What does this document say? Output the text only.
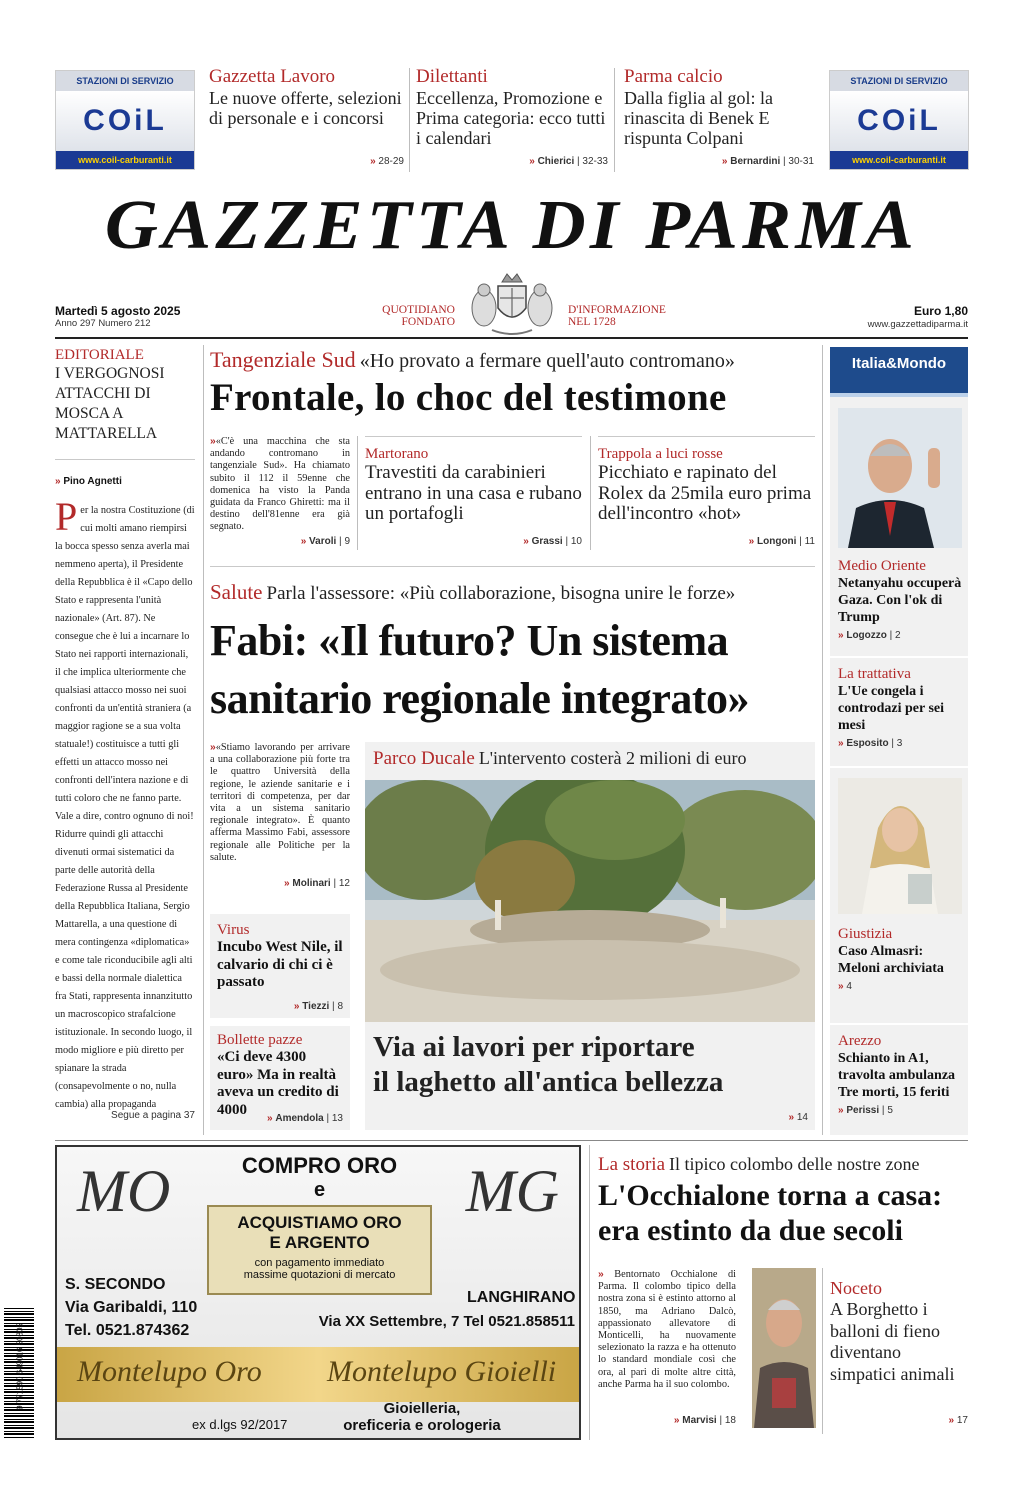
STAZIONI DI SERVIZIO
COiL
www.coil-carburanti.it
STAZIONI DI SERVIZIO
COiL
www.coil-carburanti.it
Gazzetta Lavoro
Le nuove offerte, selezioni di personale e i concorsi
» 28-29
Dilettanti
Eccellenza, Promozione e Prima categoria: ecco tutti i calendari
» Chierici | 32-33
Parma calcio
Dalla figlia al gol: la rinascita di Benek E rispunta Colpani
» Bernardini | 30-31
GAZZETTA DI PARMA
Martedì 5 agosto 2025
Anno 297 Numero 212
QUOTIDIANO
FONDATO
D'INFORMAZIONE
NEL 1728
Euro 1,80
www.gazzettadiparma.it
EDITORIALE
I VERGOGNOSI ATTACCHI DI MOSCA A MATTARELLA
» Pino Agnetti
P er la nostra Costituzione (di cui molti amano riempirsi la bocca spesso senza averla mai nemmeno aperta), il Presidente della Repubblica è il «Capo dello Stato e rappresenta l'unità nazionale» (Art. 87). Ne consegue che è lui a incarnare lo Stato nei rapporti internazionali, il che implica ulteriormente che qualsiasi attacco mosso nei suoi confronti da un'entità straniera (a maggior ragione se a sua volta statuale!) costituisce a tutti gli effetti un attacco mosso nei confronti dell'intera nazione e di tutti coloro che ne fanno parte. Vale a dire, contro ognuno di noi! Ridurre quindi gli attacchi divenuti ormai sistematici da parte delle autorità della Federazione Russa al Presidente della Repubblica Italiana, Sergio Mattarella, a una questione di mera contingenza «diplomatica» e come tale riconducibile agli alti e bassi della normale dialettica fra Stati, rappresenta innanzitutto un macroscopico strafalcione istituzionale. In secondo luogo, il modo migliore e più diretto per spianare la strada (consapevolmente o no, nulla cambia) alla propaganda
Segue a pagina 37
Tangenziale Sud «Ho provato a fermare quell'auto contromano»
Frontale, lo choc del testimone
»«C'è una macchina che sta andando contromano in tangenziale Sud». Ha chiamato subito il 112 il 59enne che domenica ha visto la Panda guidata da Franco Ghiretti: ma il destino dell'81enne era già segnato.
» Varoli | 9
Martorano
Travestiti da carabinieri entrano in una casa e rubano un portafogli
» Grassi | 10
Trappola a luci rosse
Picchiato e rapinato del Rolex da 25mila euro prima dell'incontro «hot»
» Longoni | 11
Salute Parla l'assessore: «Più collaborazione, bisogna unire le forze»
Fabi: «Il futuro? Un sistema
sanitario regionale integrato»
»«Stiamo lavorando per arrivare a una collaborazione più forte tra le quattro Università della regione, le aziende sanitarie e i territori di competenza, per dar vita a un sistema sanitario regionale integrato». È quanto afferma Massimo Fabi, assessore regionale alle Politiche per la salute.
» Molinari | 12
Virus
Incubo West Nile, il calvario di chi ci è passato
» Tiezzi | 8
Bollette pazze
«Ci deve 4300 euro» Ma in realtà aveva un credito di 4000
» Amendola | 13
Parco Ducale L'intervento costerà 2 milioni di euro
Via ai lavori per riportare
il laghetto all'antica bellezza
» 14
Italia&Mondo
Medio Oriente
Netanyahu occuperà Gaza. Con l'ok di Trump
» Logozzo | 2
La trattativa
L'Ue congela i controdazi per sei mesi
» Esposito | 3
Giustizia
Caso Almasri: Meloni archiviata
» 4
Arezzo
Schianto in A1, travolta ambulanza Tre morti, 15 feriti
» Perissi | 5
MO	MG
COMPRO ORO
e
ACQUISTIAMO ORO
E ARGENTO
con pagamento immediato
massime quotazioni di mercato
S. SECONDO
Via Garibaldi, 110
Tel. 0521.874362
LANGHIRANO
Via XX Settembre, 7 Tel 0521.858511
Montelupo Oro Montelupo Gioielli
ex d.lgs 92/2017
Gioielleria,
oreficeria e orologeria
9 771590 649016 50805
La storia Il tipico colombo delle nostre zone
L'Occhialone torna a casa:
era estinto da due secoli
» Bentornato Occhialone di Parma. Il colombo tipico della nostra zona si è estinto attorno al 1850, ma Adriano Dalcò, appassionato allevatore di Monticelli, ha nuovamente selezionato la razza e ha ottenuto lo standard mondiale così che ora, al pari di molte altre città, anche Parma ha il suo colombo.
» Marvisi | 18
Noceto
A Borghetto i balloni di fieno diventano simpatici animali
» 17
